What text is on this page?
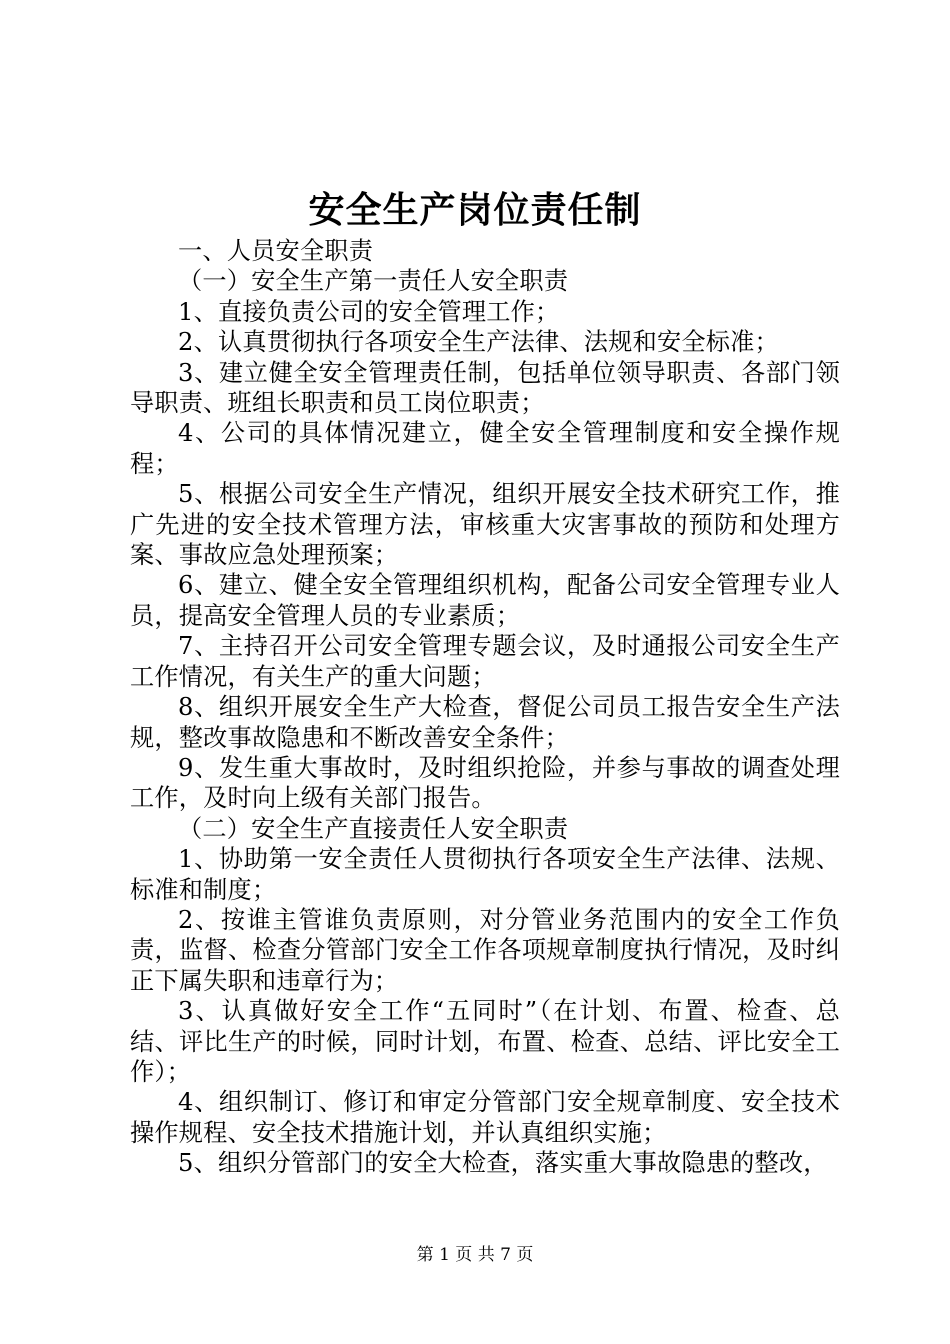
安全生产岗位责任制

一、人员安全职责

（一）安全生产第一责任人安全职责

1、直接负责公司的安全管理工作；

2、认真贯彻执行各项安全生产法律、法规和安全标准；

3、建立健全安全管理责任制，包括单位领导职责、各部门领导职责、班组长职责和员工岗位职责；

4、公司的具体情况建立，健全安全管理制度和安全操作规程；

5、根据公司安全生产情况，组织开展安全技术研究工作，推广先进的安全技术管理方法，审核重大灾害事故的预防和处理方案、事故应急处理预案；

6、建立、健全安全管理组织机构，配备公司安全管理专业人员，提高安全管理人员的专业素质；

7、主持召开公司安全管理专题会议，及时通报公司安全生产工作情况，有关生产的重大问题；

8、组织开展安全生产大检查，督促公司员工报告安全生产法规，整改事故隐患和不断改善安全条件；

9、发生重大事故时，及时组织抢险，并参与事故的调查处理工作，及时向上级有关部门报告。

（二）安全生产直接责任人安全职责

1、协助第一安全责任人贯彻执行各项安全生产法律、法规、标准和制度；

2、按谁主管谁负责原则，对分管业务范围内的安全工作负责，监督、检查分管部门安全工作各项规章制度执行情况，及时纠正下属失职和违章行为；

3、认真做好安全工作“五同时”（在计划、布置、检查、总结、评比生产的时候，同时计划，布置、检查、总结、评比安全工作）；

4、组织制订、修订和审定分管部门安全规章制度、安全技术操作规程、安全技术措施计划，并认真组织实施；

5、组织分管部门的安全大检查，落实重大事故隐患的整改，

第 1 页 共 7 页
